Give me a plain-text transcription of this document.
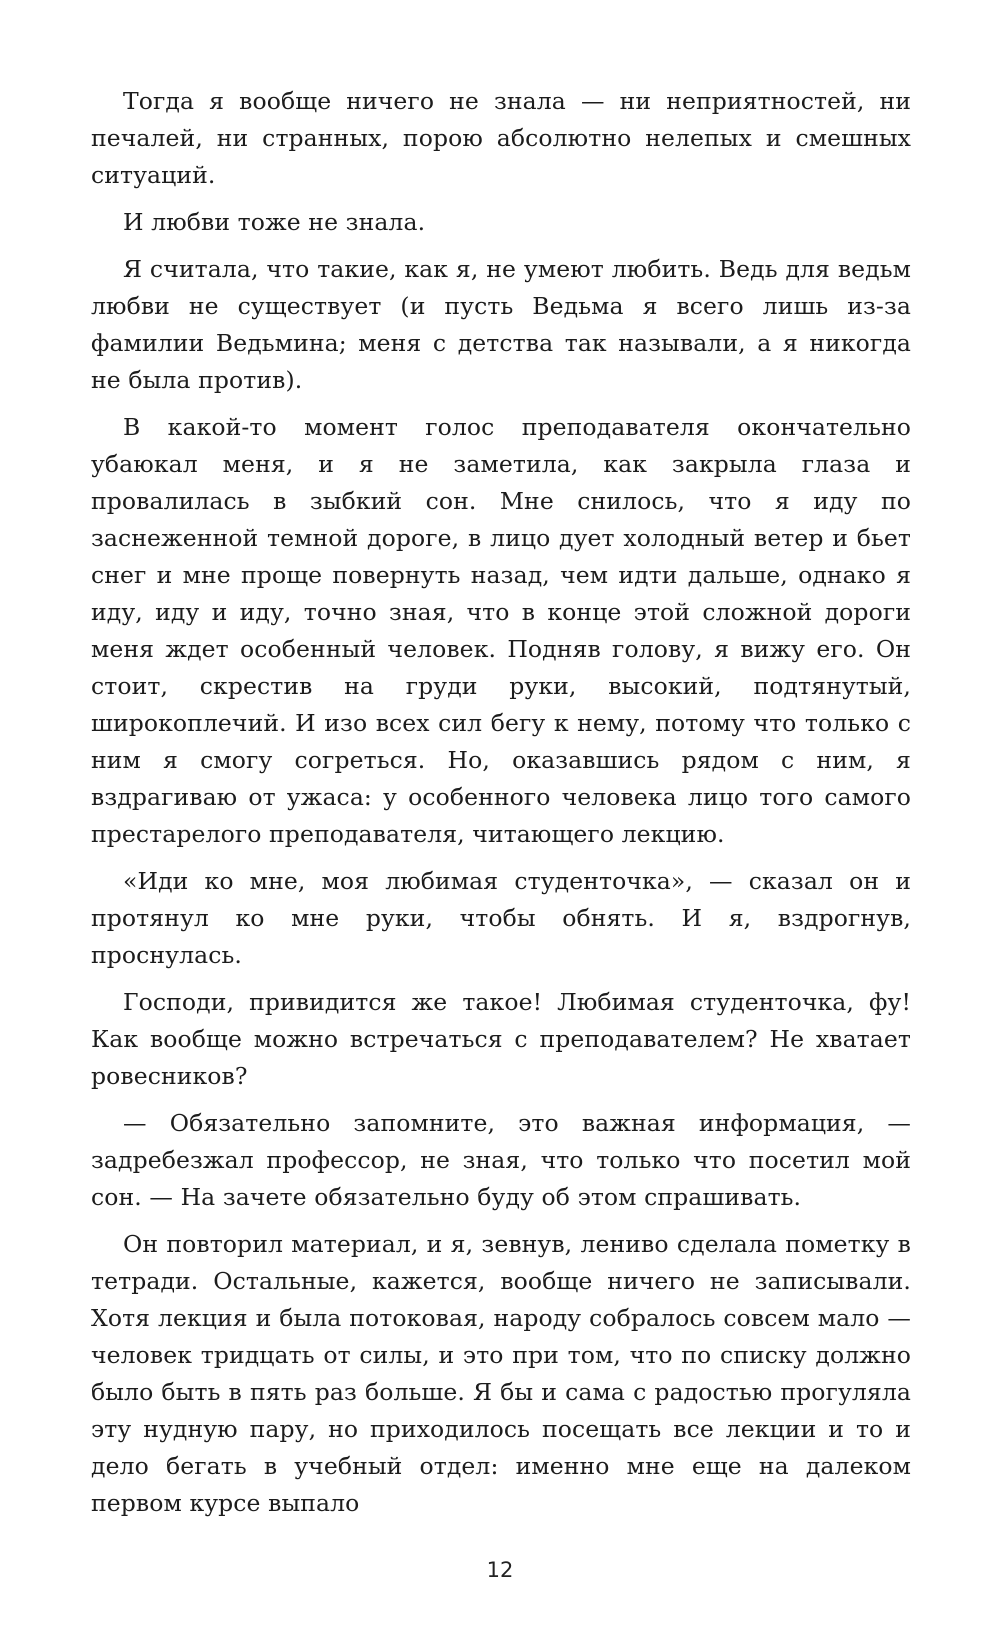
Тогда я вообще ничего не знала — ни неприятностей, ни печалей, ни странных, порою абсолютно нелепых и смешных ситуаций.

И любви тоже не знала.

Я считала, что такие, как я, не умеют любить. Ведь для ведьм любви не существует (и пусть Ведьма я всего лишь из-за фамилии Ведьмина; меня с детства так называли, а я никогда не была против).

В какой-то момент голос преподавателя окончательно убаюкал меня, и я не заметила, как закрыла глаза и провалилась в зыбкий сон. Мне снилось, что я иду по заснеженной темной дороге, в лицо дует холодный ветер и бьет снег и мне проще повернуть назад, чем идти дальше, однако я иду, иду и иду, точно зная, что в конце этой сложной дороги меня ждет особенный человек. Подняв голову, я вижу его. Он стоит, скрестив на груди руки, высокий, подтянутый, широкоплечий. И изо всех сил бегу к нему, потому что только с ним я смогу согреться. Но, оказавшись рядом с ним, я вздрагиваю от ужаса: у особенного человека лицо того самого престарелого преподавателя, читающего лекцию.

«Иди ко мне, моя любимая студенточка», — сказал он и протянул ко мне руки, чтобы обнять. И я, вздрогнув, проснулась.

Господи, привидится же такое! Любимая студенточка, фу! Как вообще можно встречаться с преподавателем? Не хватает ровесников?

— Обязательно запомните, это важная информация, — задребезжал профессор, не зная, что только что посетил мой сон. — На зачете обязательно буду об этом спрашивать.

Он повторил материал, и я, зевнув, лениво сделала пометку в тетради. Остальные, кажется, вообще ничего не записывали. Хотя лекция и была потоковая, народу собралось совсем мало — человек тридцать от силы, и это при том, что по списку должно было быть в пять раз больше. Я бы и сама с радостью прогуляла эту нудную пару, но приходилось посещать все лекции и то и дело бегать в учебный отдел: именно мне еще на далеком первом курсе выпало

12
